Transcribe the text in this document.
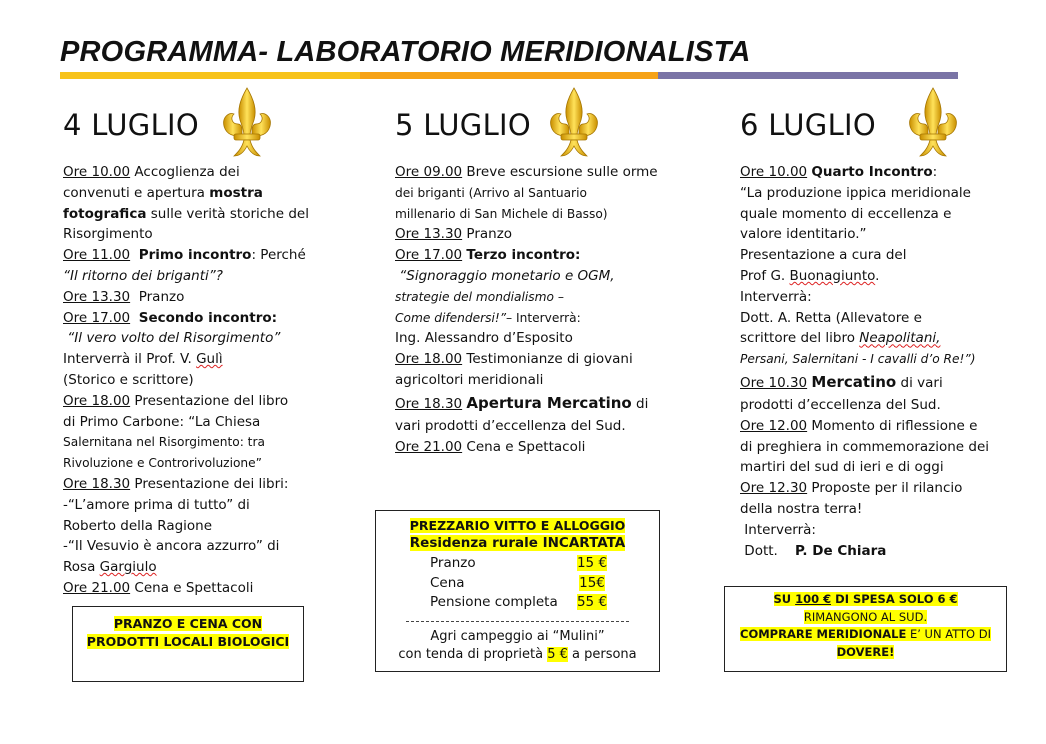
PROGRAMMA- LABORATORIO MERIDIONALISTA
4 LUGLIO
Ore 10.00 Accoglienza dei
convenuti e apertura mostra
fotografica sulle verità storiche del
Risorgimento
Ore 11.00 Primo incontro: Perché
“Il ritorno dei briganti”?
Ore 13.30 Pranzo
Ore 17.00 Secondo incontro:
“Il vero volto del Risorgimento”
Interverrà il Prof. V. Gulì
(Storico e scrittore)
Ore 18.00 Presentazione del libro
di Primo Carbone: “La Chiesa
Salernitana nel Risorgimento: tra
Rivoluzione e Controrivoluzione”
Ore 18.30 Presentazione dei libri:
-“L’amore prima di tutto” di
Roberto della Ragione
-“Il Vesuvio è ancora azzurro” di
Rosa Gargiulo
Ore 21.00 Cena e Spettacoli
PRANZO E CENA CON
PRODOTTI LOCALI BIOLOGICI
5 LUGLIO
Ore 09.00 Breve escursione sulle orme
dei briganti (Arrivo al Santuario
millenario di San Michele di Basso)
Ore 13.30 Pranzo
Ore 17.00 Terzo incontro:
“Signoraggio monetario e OGM,
strategie del mondialismo –
Come difendersi!”– Interverrà:
Ing. Alessandro d’Esposito
Ore 18.00 Testimonianze di giovani
agricoltori meridionali
Ore 18.30 Apertura Mercatino di
vari prodotti d’eccellenza del Sud.
Ore 21.00 Cena e Spettacoli
PREZZARIO VITTO E ALLOGGIO
Residenza rurale INCARTATA
Pranzo	15 €
Cena	15€
Pensione completa	55 €
Agri campeggio ai “Mulini”
con tenda di proprietà 5 € a persona
6 LUGLIO
Ore 10.00 Quarto Incontro:
“La produzione ippica meridionale
quale momento di eccellenza e
valore identitario.”
Presentazione a cura del
Prof G. Buonagiunto.
Interverrà:
Dott. A. Retta (Allevatore e
scrittore del libro Neapolitani,
Persani, Salernitani - I cavalli d’o Re!”)
Ore 10.30 Mercatino di vari
prodotti d’eccellenza del Sud.
Ore 12.00 Momento di riflessione e
di preghiera in commemorazione dei
martiri del sud di ieri e di oggi
Ore 12.30 Proposte per il rilancio
della nostra terra!
Interverrà:
Dott. P. De Chiara
SU 100 € DI SPESA SOLO 6 €
RIMANGONO AL SUD.
COMPRARE MERIDIONALE E’ UN ATTO DI
DOVERE!
